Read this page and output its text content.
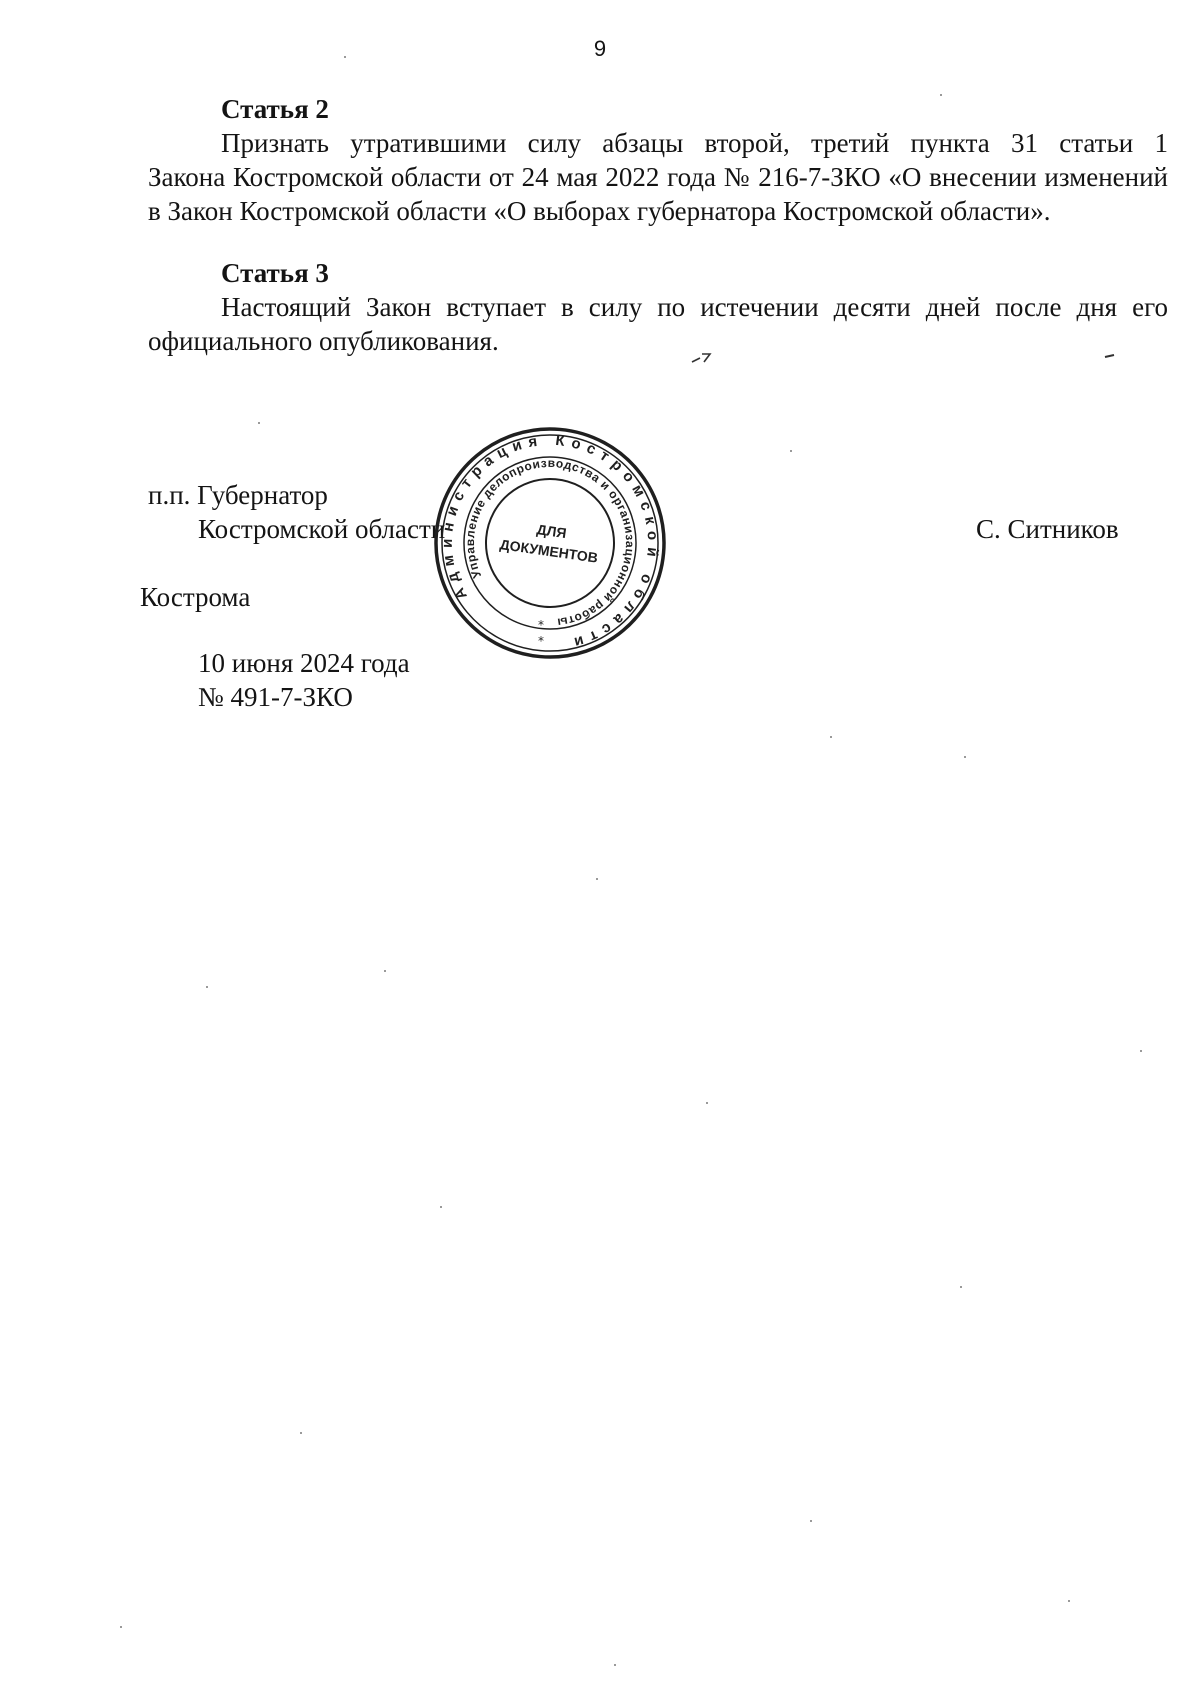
9
Статья 2
Признать утратившими силу абзацы второй, третий пункта 31 статьи 1
Закона Костромской области от 24 мая 2022 года № 216-7-ЗКО «О внесении изменений
в Закон Костромской области «О выборах губернатора Костромской области».
Статья 3
Настоящий Закон вступает в силу по истечении десяти дней после дня его
официального опубликования.
п.п. Губернатор
Костромской области	С. Ситников
Кострома
10 июня 2024 года
№ 491-7-ЗКО
Администрация Костромской области
Управление делопроизводства и организационной работы
ДЛЯ
ДОКУМЕНТОВ
*
*
